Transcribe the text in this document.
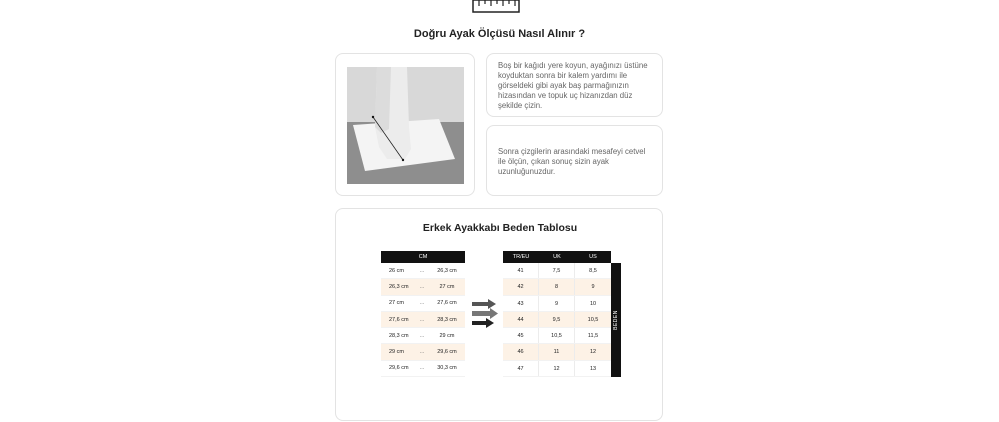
Doğru Ayak Ölçüsü Nasıl Alınır ?

Boş bir kağıdı yere koyun, ayağınızı üstüne koyduktan sonra bir kalem yardımı ile görseldeki gibi ayak baş parmağınızın hizasından ve topuk uç hizanızdan düz şekilde çizin.

Sonra çizgilerin arasındaki mesafeyi cetvel ile ölçün, çıkan sonuç sizin ayak uzunluğunuzdur.

Erkek Ayakkabı Beden Tablosu
CM
26 cm	...	26,3 cm
26,3 cm	...	27 cm
27 cm	...	27,6 cm
27,6 cm	...	28,3 cm
28,3 cm	...	29 cm
29 cm	...	29,6 cm
29,6 cm	...	30,3 cm
TR/EU	UK	US
41	7,5	8,5
42	8	9
43	9	10
44	9,5	10,5
45	10,5	11,5
46	11	12
47	12	13
BEDEN
